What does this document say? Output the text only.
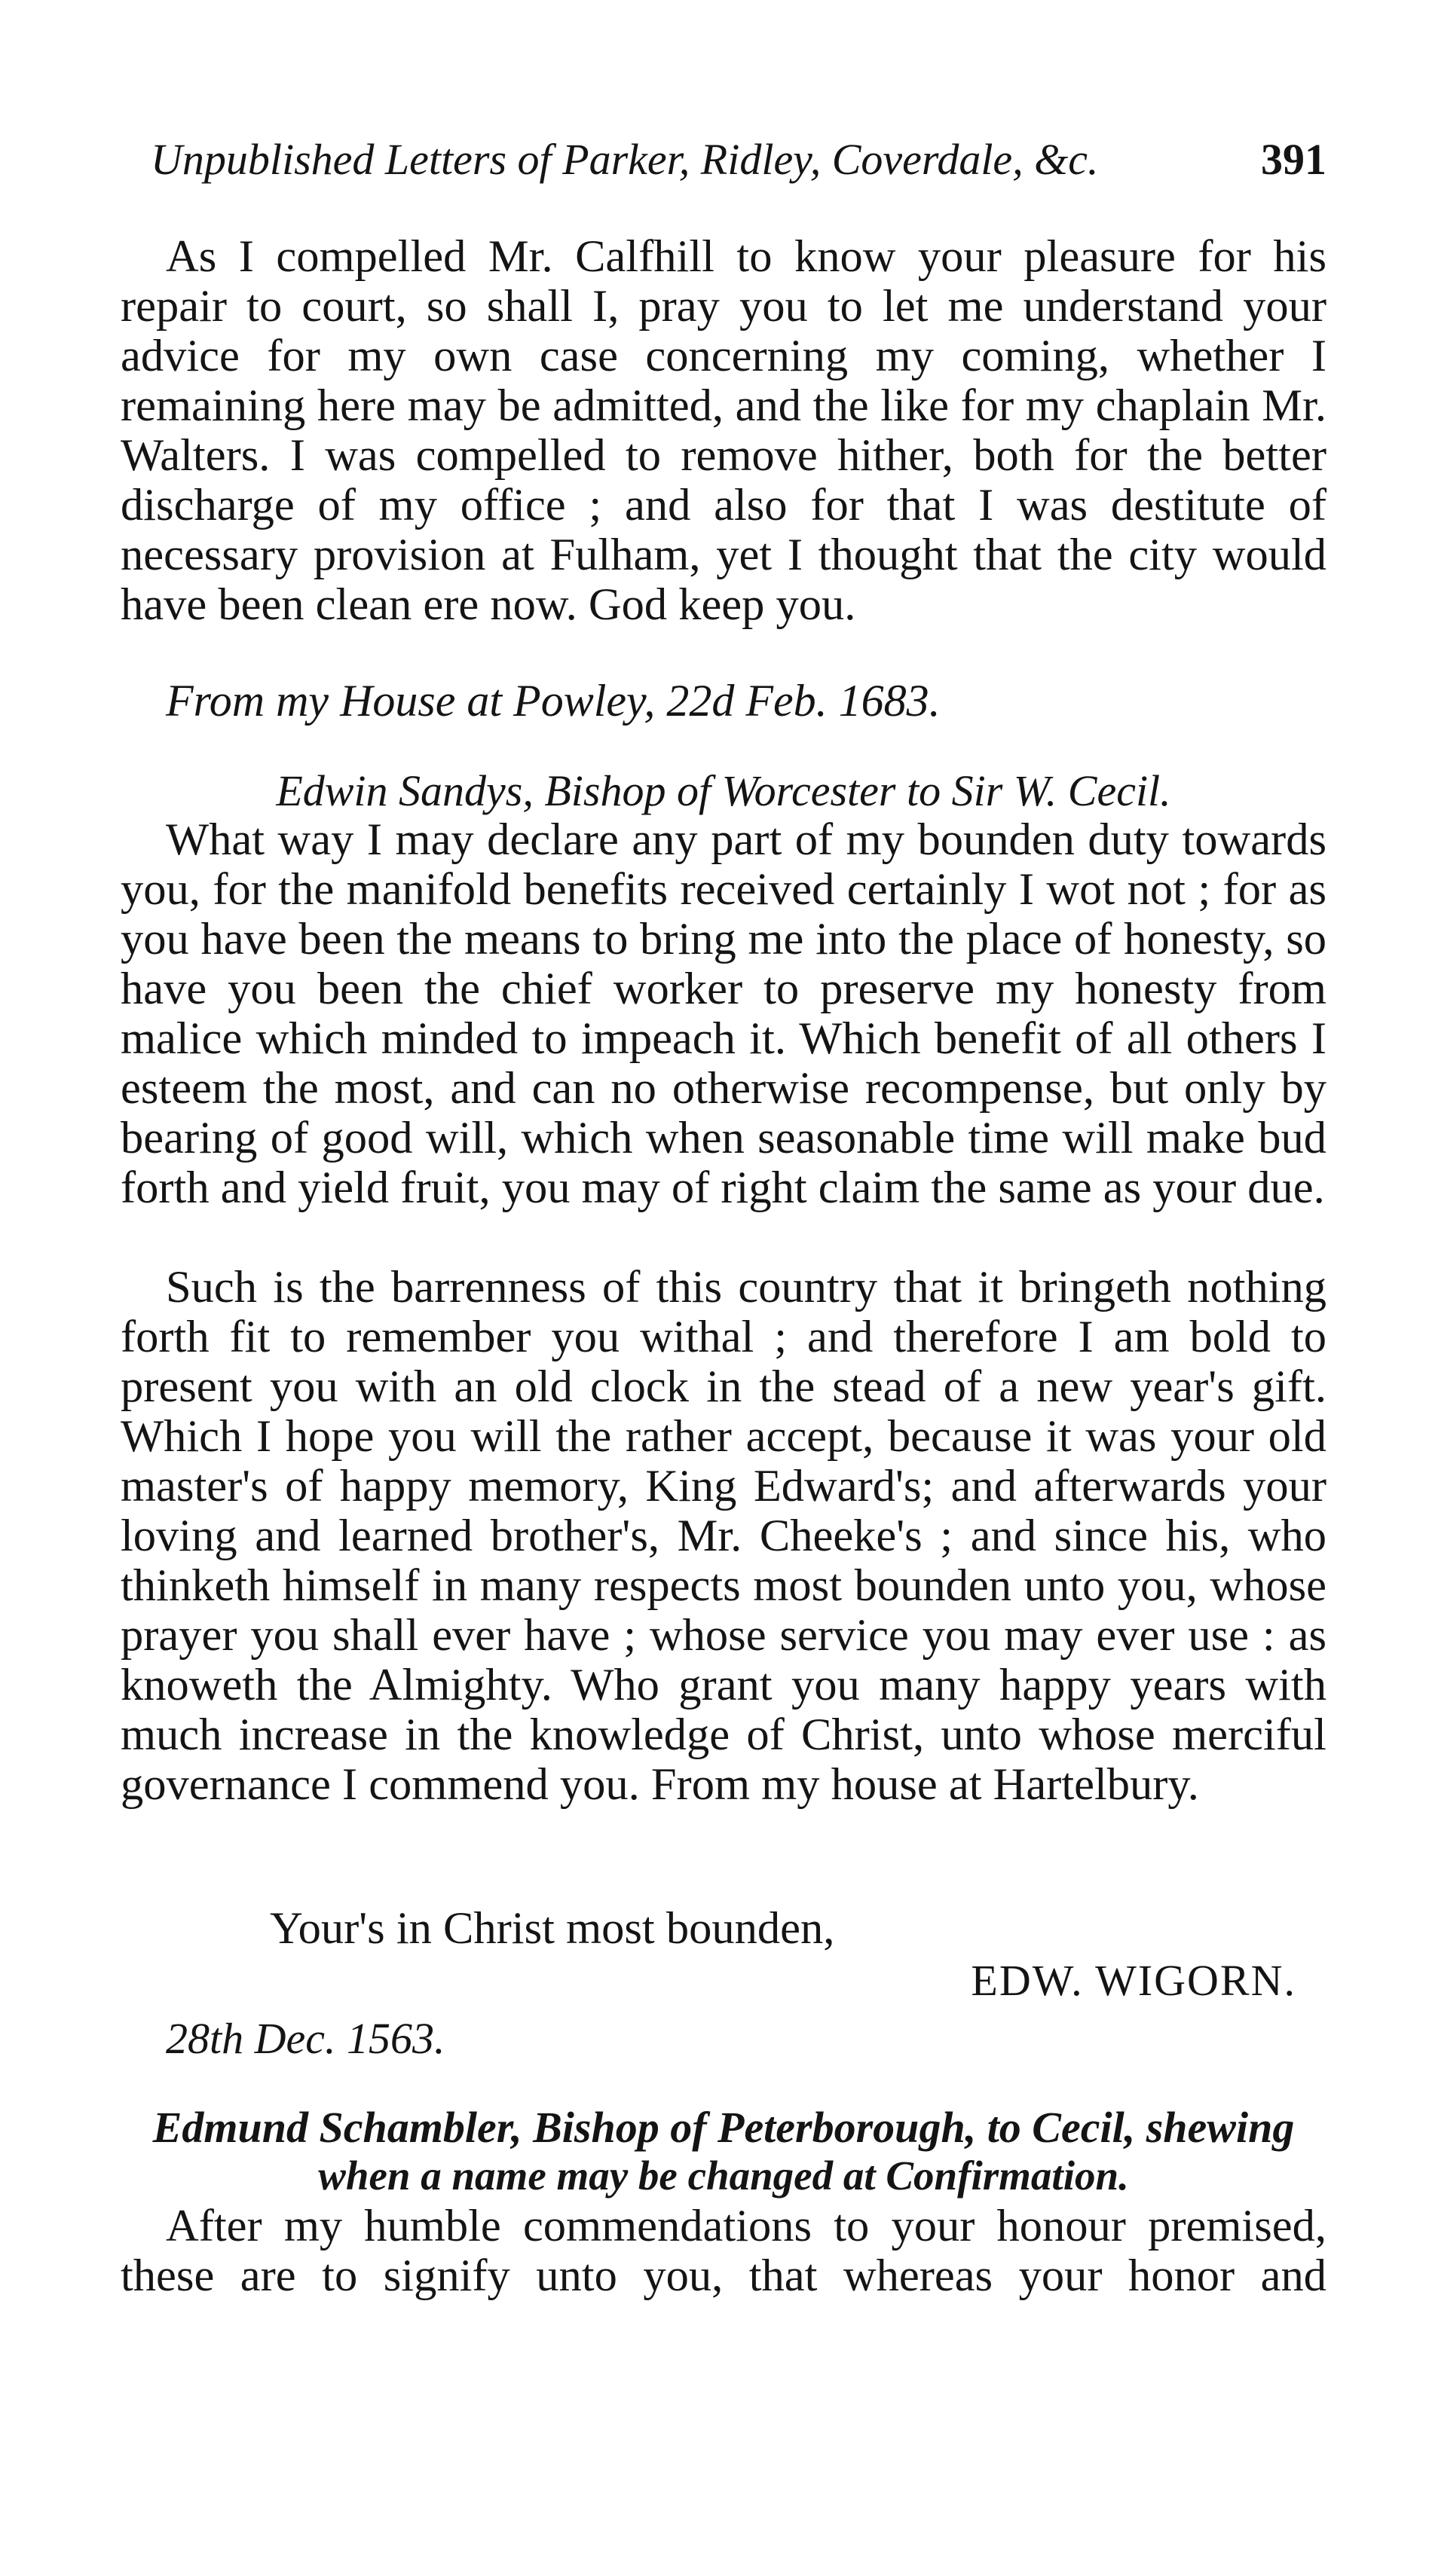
Unpublished Letters of Parker, Ridley, Coverdale, &c.	391
As I compelled Mr. Calfhill to know your pleasure for his repair to court, so shall I, pray you to let me understand your advice for my own case concerning my coming, whether I remaining here may be admitted, and the like for my chaplain Mr. Walters. I was compelled to remove hither, both for the better discharge of my office ; and also for that I was destitute of necessary provision at Fulham, yet I thought that the city would have been clean ere now. God keep you.
From my House at Powley, 22d Feb. 1683.
Edwin Sandys, Bishop of Worcester to Sir W. Cecil.
What way I may declare any part of my bounden duty towards you, for the manifold benefits received certainly I wot not ; for as you have been the means to bring me into the place of honesty, so have you been the chief worker to preserve my honesty from malice which minded to impeach it. Which benefit of all others I esteem the most, and can no otherwise recompense, but only by bearing of good will, which when seasonable time will make bud forth and yield fruit, you may of right claim the same as your due.
Such is the barrenness of this country that it bringeth nothing forth fit to remember you withal ; and therefore I am bold to present you with an old clock in the stead of a new year's gift. Which I hope you will the rather accept, because it was your old master's of happy memory, King Edward's; and afterwards your loving and learned brother's, Mr. Cheeke's ; and since his, who thinketh himself in many respects most bounden unto you, whose prayer you shall ever have ; whose service you may ever use : as knoweth the Almighty. Who grant you many happy years with much increase in the knowledge of Christ, unto whose merciful governance I commend you. From my house at Hartelbury.
Your's in Christ most bounden,
EDW. WIGORN.
28th Dec. 1563.
Edmund Schambler, Bishop of Peterborough, to Cecil, shewing
when a name may be changed at Confirmation.
After my humble commendations to your honour premised,
these are to signify unto you, that whereas your honor and
